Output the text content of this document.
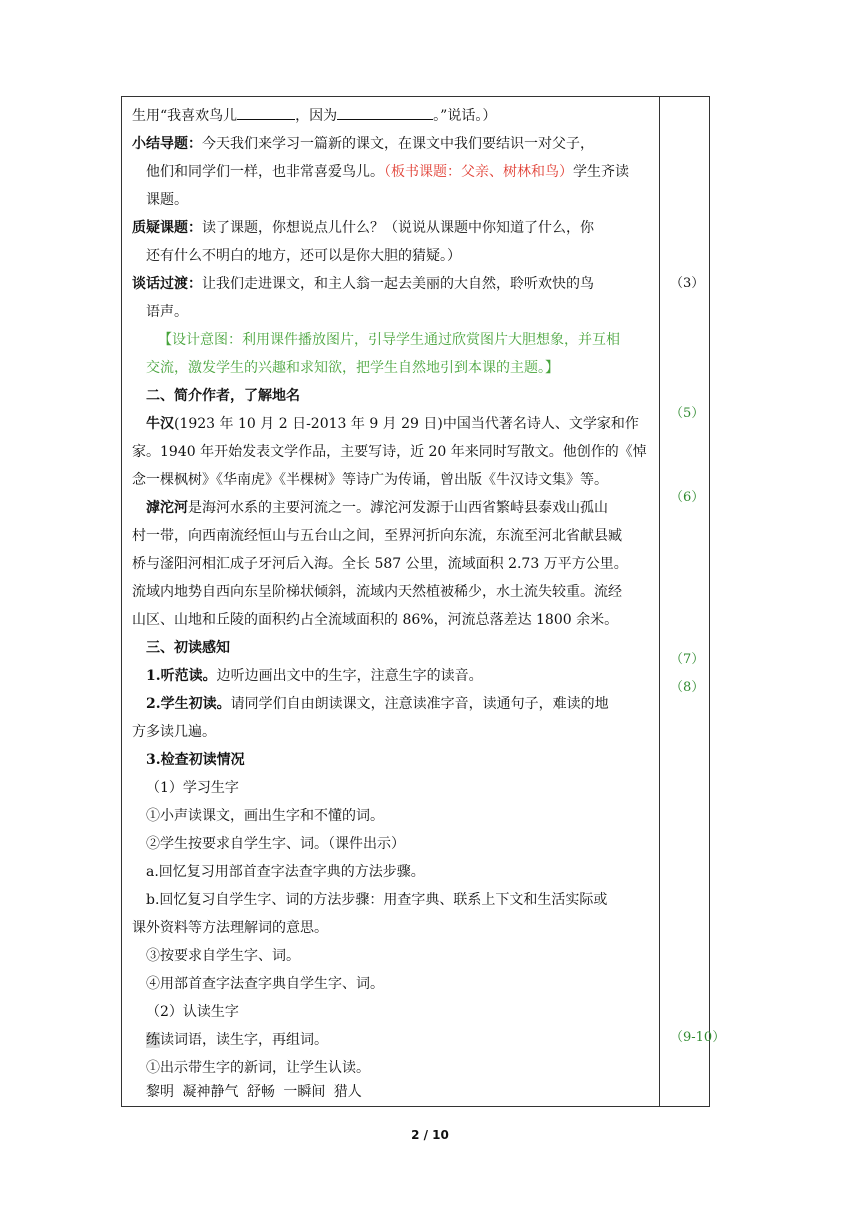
生用“我喜欢鸟儿	，因为	。”说话。）
小结导题：今天我们来学习一篇新的课文，在课文中我们要结识一对父子，
他们和同学们一样，也非常喜爱鸟儿。（板书课题：父亲、树林和鸟）学生齐读
课题。
质疑课题：读了课题，你想说点儿什么？（说说从课题中你知道了什么，你
还有什么不明白的地方，还可以是你大胆的猜疑。）
谈话过渡：让我们走进课文，和主人翁一起去美丽的大自然，聆听欢快的鸟
语声。
【设计意图：利用课件播放图片，引导学生通过欣赏图片大胆想象，并互相
交流，激发学生的兴趣和求知欲，把学生自然地引到本课的主题。】
二、简介作者，了解地名
牛汉(1923 年 10 月 2 日-2013 年 9 月 29 日)中国当代著名诗人、文学家和作
家。1940 年开始发表文学作品，主要写诗，近 20 年来同时写散文。他创作的《悼
念一棵枫树》《华南虎》《半棵树》等诗广为传诵，曾出版《牛汉诗文集》等。
滹沱河是海河水系的主要河流之一。滹沱河发源于山西省繁峙县泰戏山孤山
村一带，向西南流经恒山与五台山之间，至界河折向东流，东流至河北省献县臧
桥与滏阳河相汇成子牙河后入海。全长 587 公里，流域面积 2.73 万平方公里。
流域内地势自西向东呈阶梯状倾斜，流域内天然植被稀少，水土流失较重。流经
山区、山地和丘陵的面积约占全流域面积的 86%，河流总落差达 1800 余米。
三、初读感知
1.听范读。边听边画出文中的生字，注意生字的读音。
2.学生初读。请同学们自由朗读课文，注意读准字音，读通句子，难读的地
方多读几遍。
3.检查初读情况
（1）学习生字
①小声读课文，画出生字和不懂的词。
②学生按要求自学生字、词。（课件出示）
a.回忆复习用部首查字法查字典的方法步骤。
b.回忆复习自学生字、词的方法步骤：用查字典、联系上下文和生活实际或
课外资料等方法理解词的意思。
③按要求自学生字、词。
④用部首查字法查字典自学生字、词。
（2）认读生字
练读词语，读生字，再组词。
①出示带生字的新词，让学生认读。
黎明 凝神静气 舒畅 一瞬间 猎人
（3）
（5）
（6）
（7）
（8）
（9-10）
2 / 10
